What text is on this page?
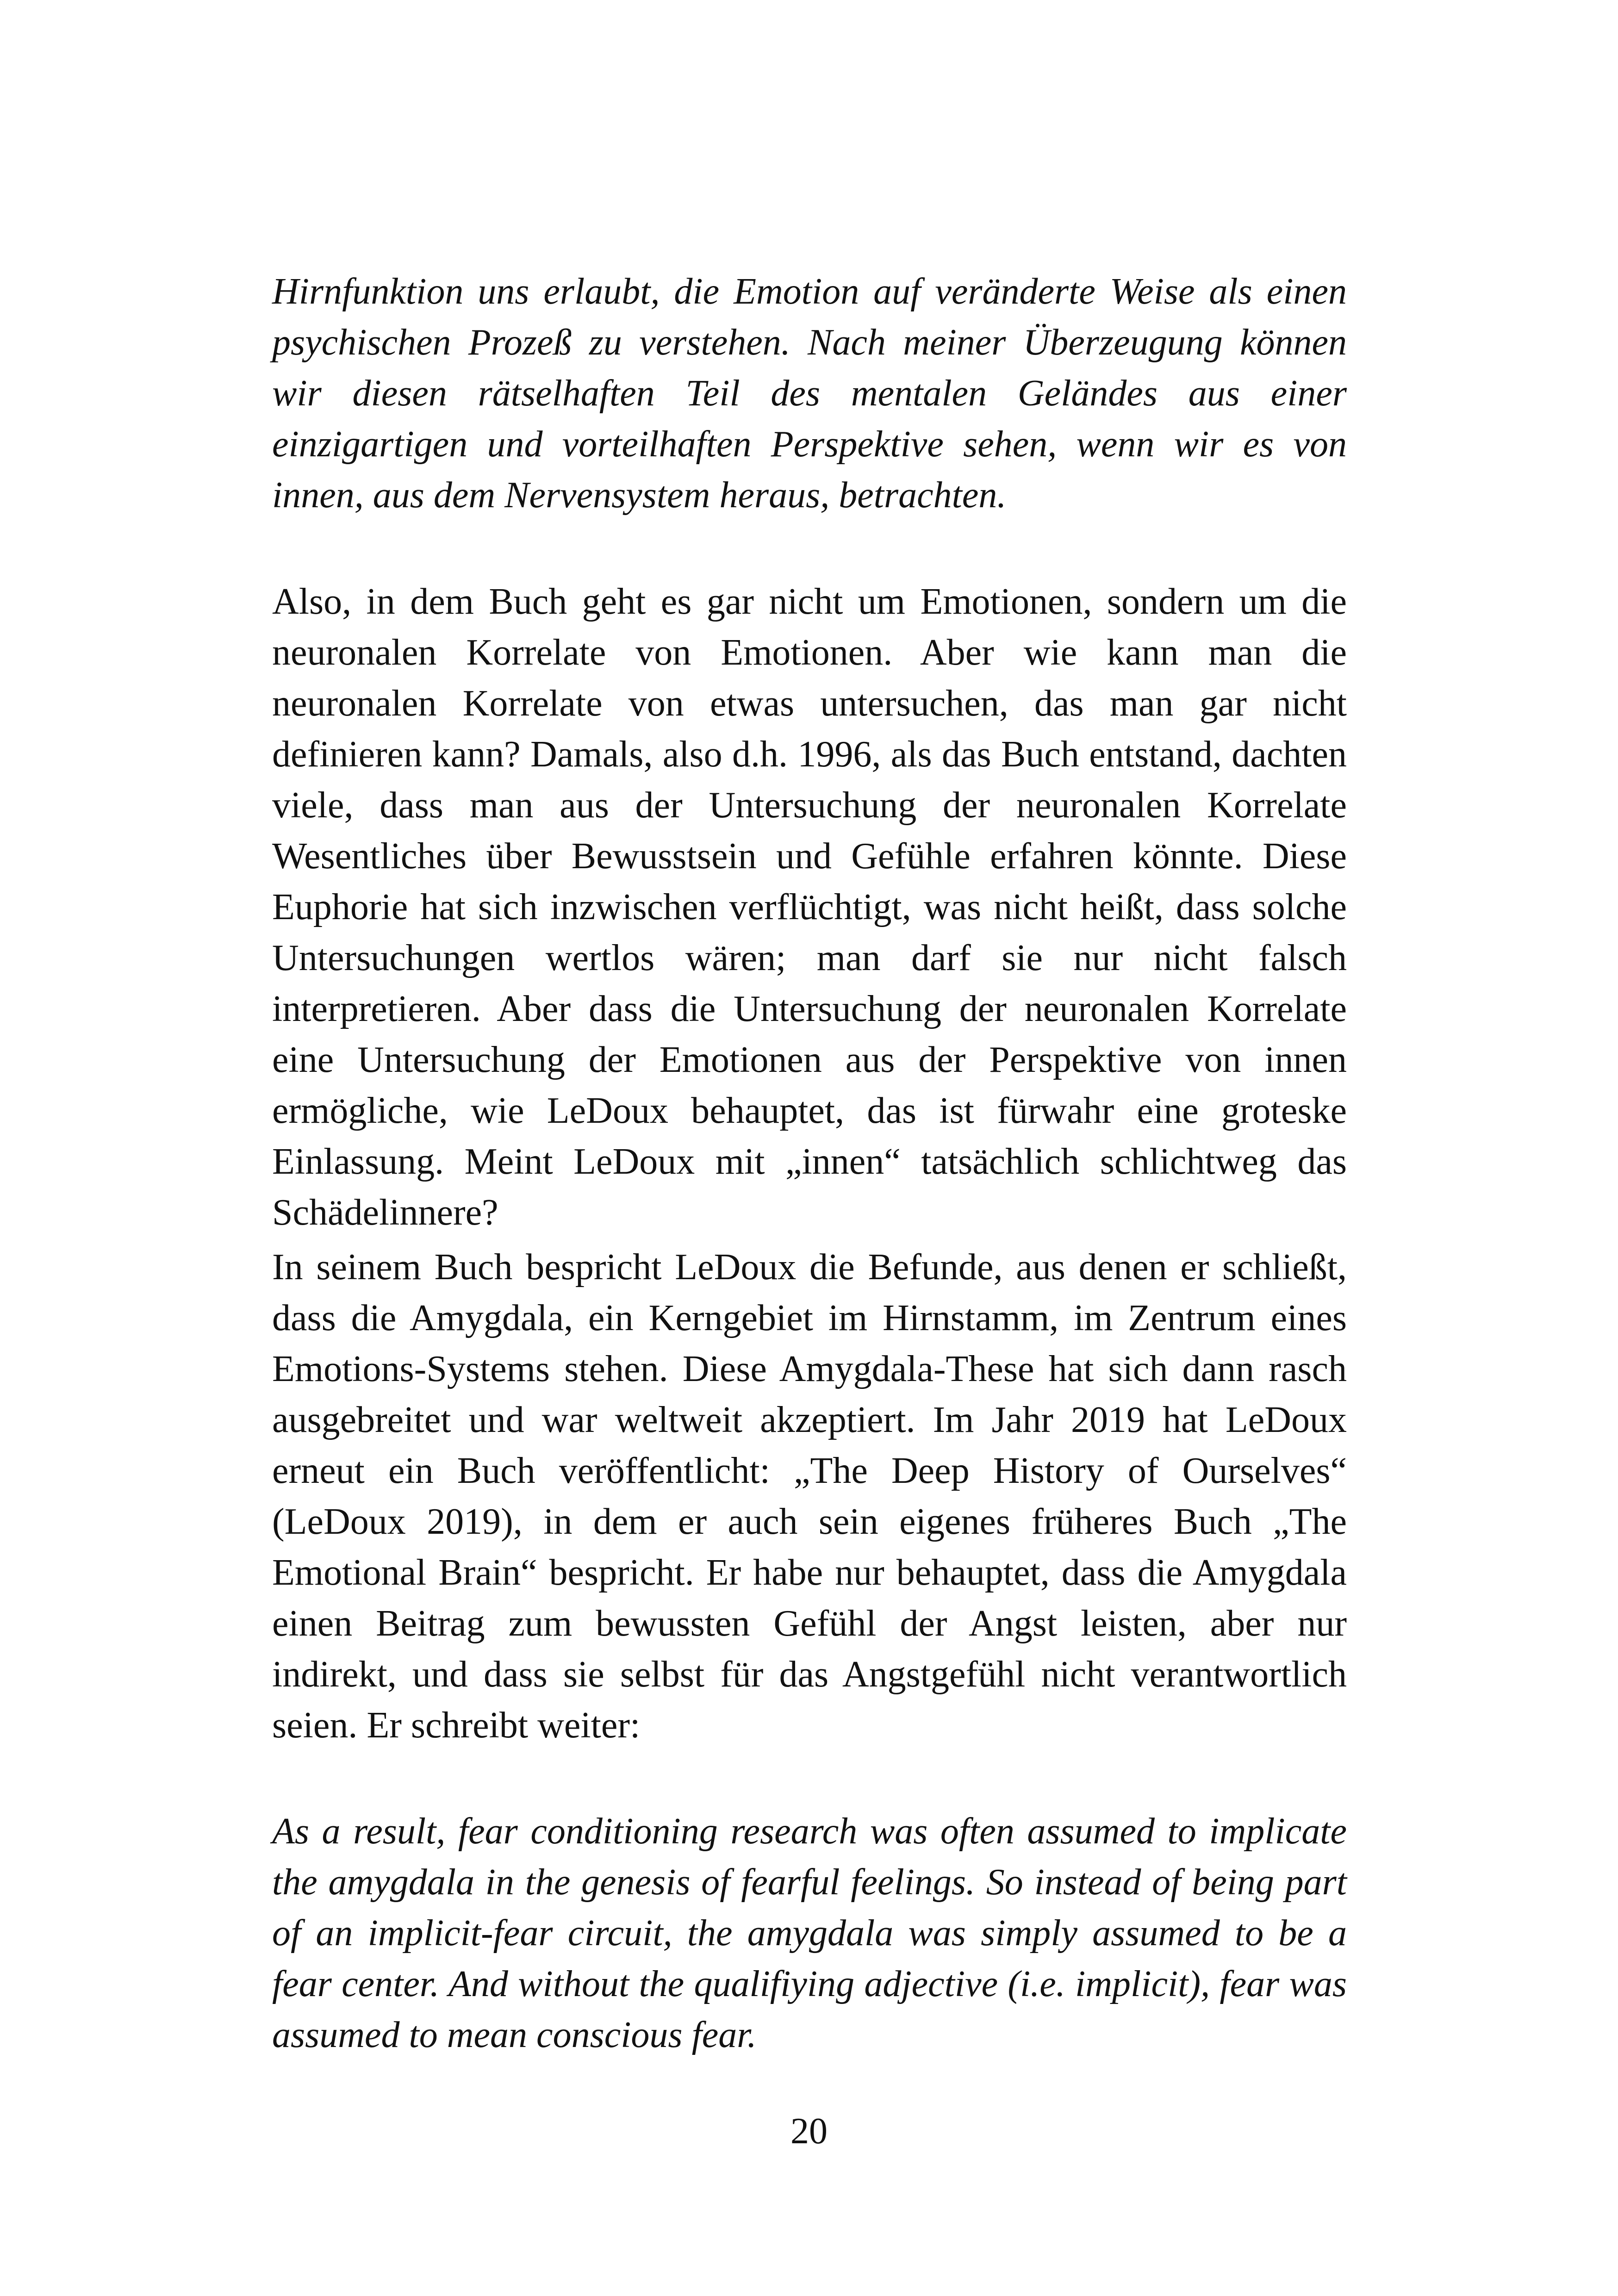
Hirnfunktion uns erlaubt, die Emotion auf veränderte Weise als einen psychischen Prozeß zu verstehen. Nach meiner Überzeugung können wir diesen rätselhaften Teil des mentalen Geländes aus einer einzigartigen und vorteilhaften Perspektive sehen, wenn wir es von innen, aus dem Nervensystem heraus, betrachten.

Also, in dem Buch geht es gar nicht um Emotionen, sondern um die neuronalen Korrelate von Emotionen. Aber wie kann man die neuronalen Korrelate von etwas untersuchen, das man gar nicht definieren kann? Damals, also d.h. 1996, als das Buch entstand, dachten viele, dass man aus der Untersuchung der neuronalen Korrelate Wesentliches über Bewusstsein und Gefühle erfahren könnte. Diese Euphorie hat sich inzwischen verflüchtigt, was nicht heißt, dass solche Untersuchungen wertlos wären; man darf sie nur nicht falsch interpretieren. Aber dass die Untersuchung der neuronalen Korrelate eine Untersuchung der Emotionen aus der Perspektive von innen ermögliche, wie LeDoux behauptet, das ist fürwahr eine groteske Einlassung. Meint LeDoux mit „innen“ tatsächlich schlichtweg das Schädelinnere?

In seinem Buch bespricht LeDoux die Befunde, aus denen er schließt, dass die Amygdala, ein Kerngebiet im Hirnstamm, im Zentrum eines Emotions-Systems stehen. Diese Amygdala-These hat sich dann rasch ausgebreitet und war weltweit akzeptiert. Im Jahr 2019 hat LeDoux erneut ein Buch veröffentlicht: „The Deep History of Ourselves“ (LeDoux 2019), in dem er auch sein eigenes früheres Buch „The Emotional Brain“ bespricht. Er habe nur behauptet, dass die Amygdala einen Beitrag zum bewussten Gefühl der Angst leisten, aber nur indirekt, und dass sie selbst für das Angstgefühl nicht verantwortlich seien. Er schreibt weiter:

As a result, fear conditioning research was often assumed to implicate the amygdala in the genesis of fearful feelings. So instead of being part of an implicit-fear circuit, the amygdala was simply assumed to be a fear center. And without the qualifiying adjective (i.e. implicit), fear was assumed to mean conscious fear.

20
